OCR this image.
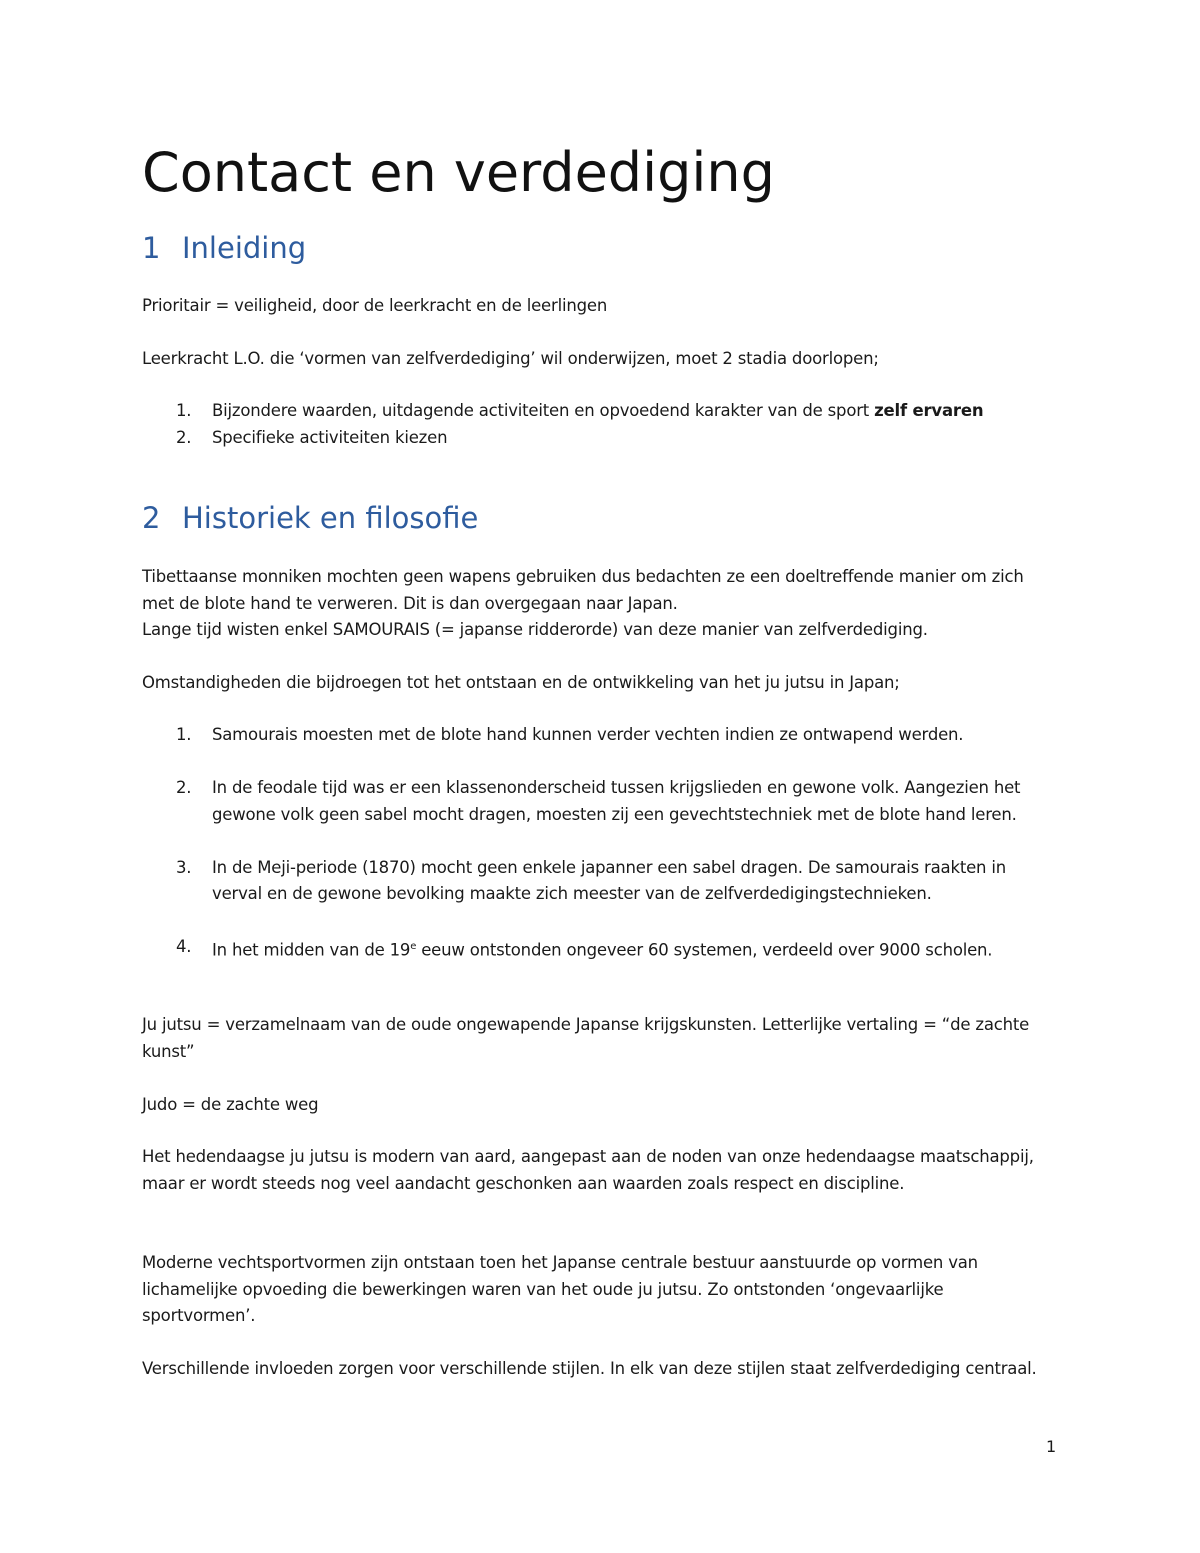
Contact en verdediging
1 Inleiding

Prioritair = veiligheid, door de leerkracht en de leerlingen

Leerkracht L.O. die ‘vormen van zelfverdediging’ wil onderwijzen, moet 2 stadia doorlopen;

1. Bijzondere waarden, uitdagende activiteiten en opvoedend karakter van de sport zelf ervaren
2. Specifieke activiteiten kiezen
2 Historiek en filosofie
Tibettaanse monniken mochten geen wapens gebruiken dus bedachten ze een doeltreffende manier om zich met de blote hand te verweren. Dit is dan overgegaan naar Japan.
Lange tijd wisten enkel SAMOURAIS (= japanse ridderorde) van deze manier van zelfverdediging.

Omstandigheden die bijdroegen tot het ontstaan en de ontwikkeling van het ju jutsu in Japan;

1. Samourais moesten met de blote hand kunnen verder vechten indien ze ontwapend werden.
2. In de feodale tijd was er een klassenonderscheid tussen krijgslieden en gewone volk. Aangezien het gewone volk geen sabel mocht dragen, moesten zij een gevechtstechniek met de blote hand leren.
3. In de Meji-periode (1870) mocht geen enkele japanner een sabel dragen. De samourais raakten in verval en de gewone bevolking maakte zich meester van de zelfverdedigingstechnieken.
4. In het midden van de 19e eeuw ontstonden ongeveer 60 systemen, verdeeld over 9000 scholen.

Ju jutsu = verzamelnaam van de oude ongewapende Japanse krijgskunsten. Letterlijke vertaling = “de zachte kunst”

Judo = de zachte weg

Het hedendaagse ju jutsu is modern van aard, aangepast aan de noden van onze hedendaagse maatschappij, maar er wordt steeds nog veel aandacht geschonken aan waarden zoals respect en discipline.

Moderne vechtsportvormen zijn ontstaan toen het Japanse centrale bestuur aanstuurde op vormen van lichamelijke opvoeding die bewerkingen waren van het oude ju jutsu. Zo ontstonden ‘ongevaarlijke sportvormen’.

Verschillende invloeden zorgen voor verschillende stijlen. In elk van deze stijlen staat zelfverdediging centraal.

1
